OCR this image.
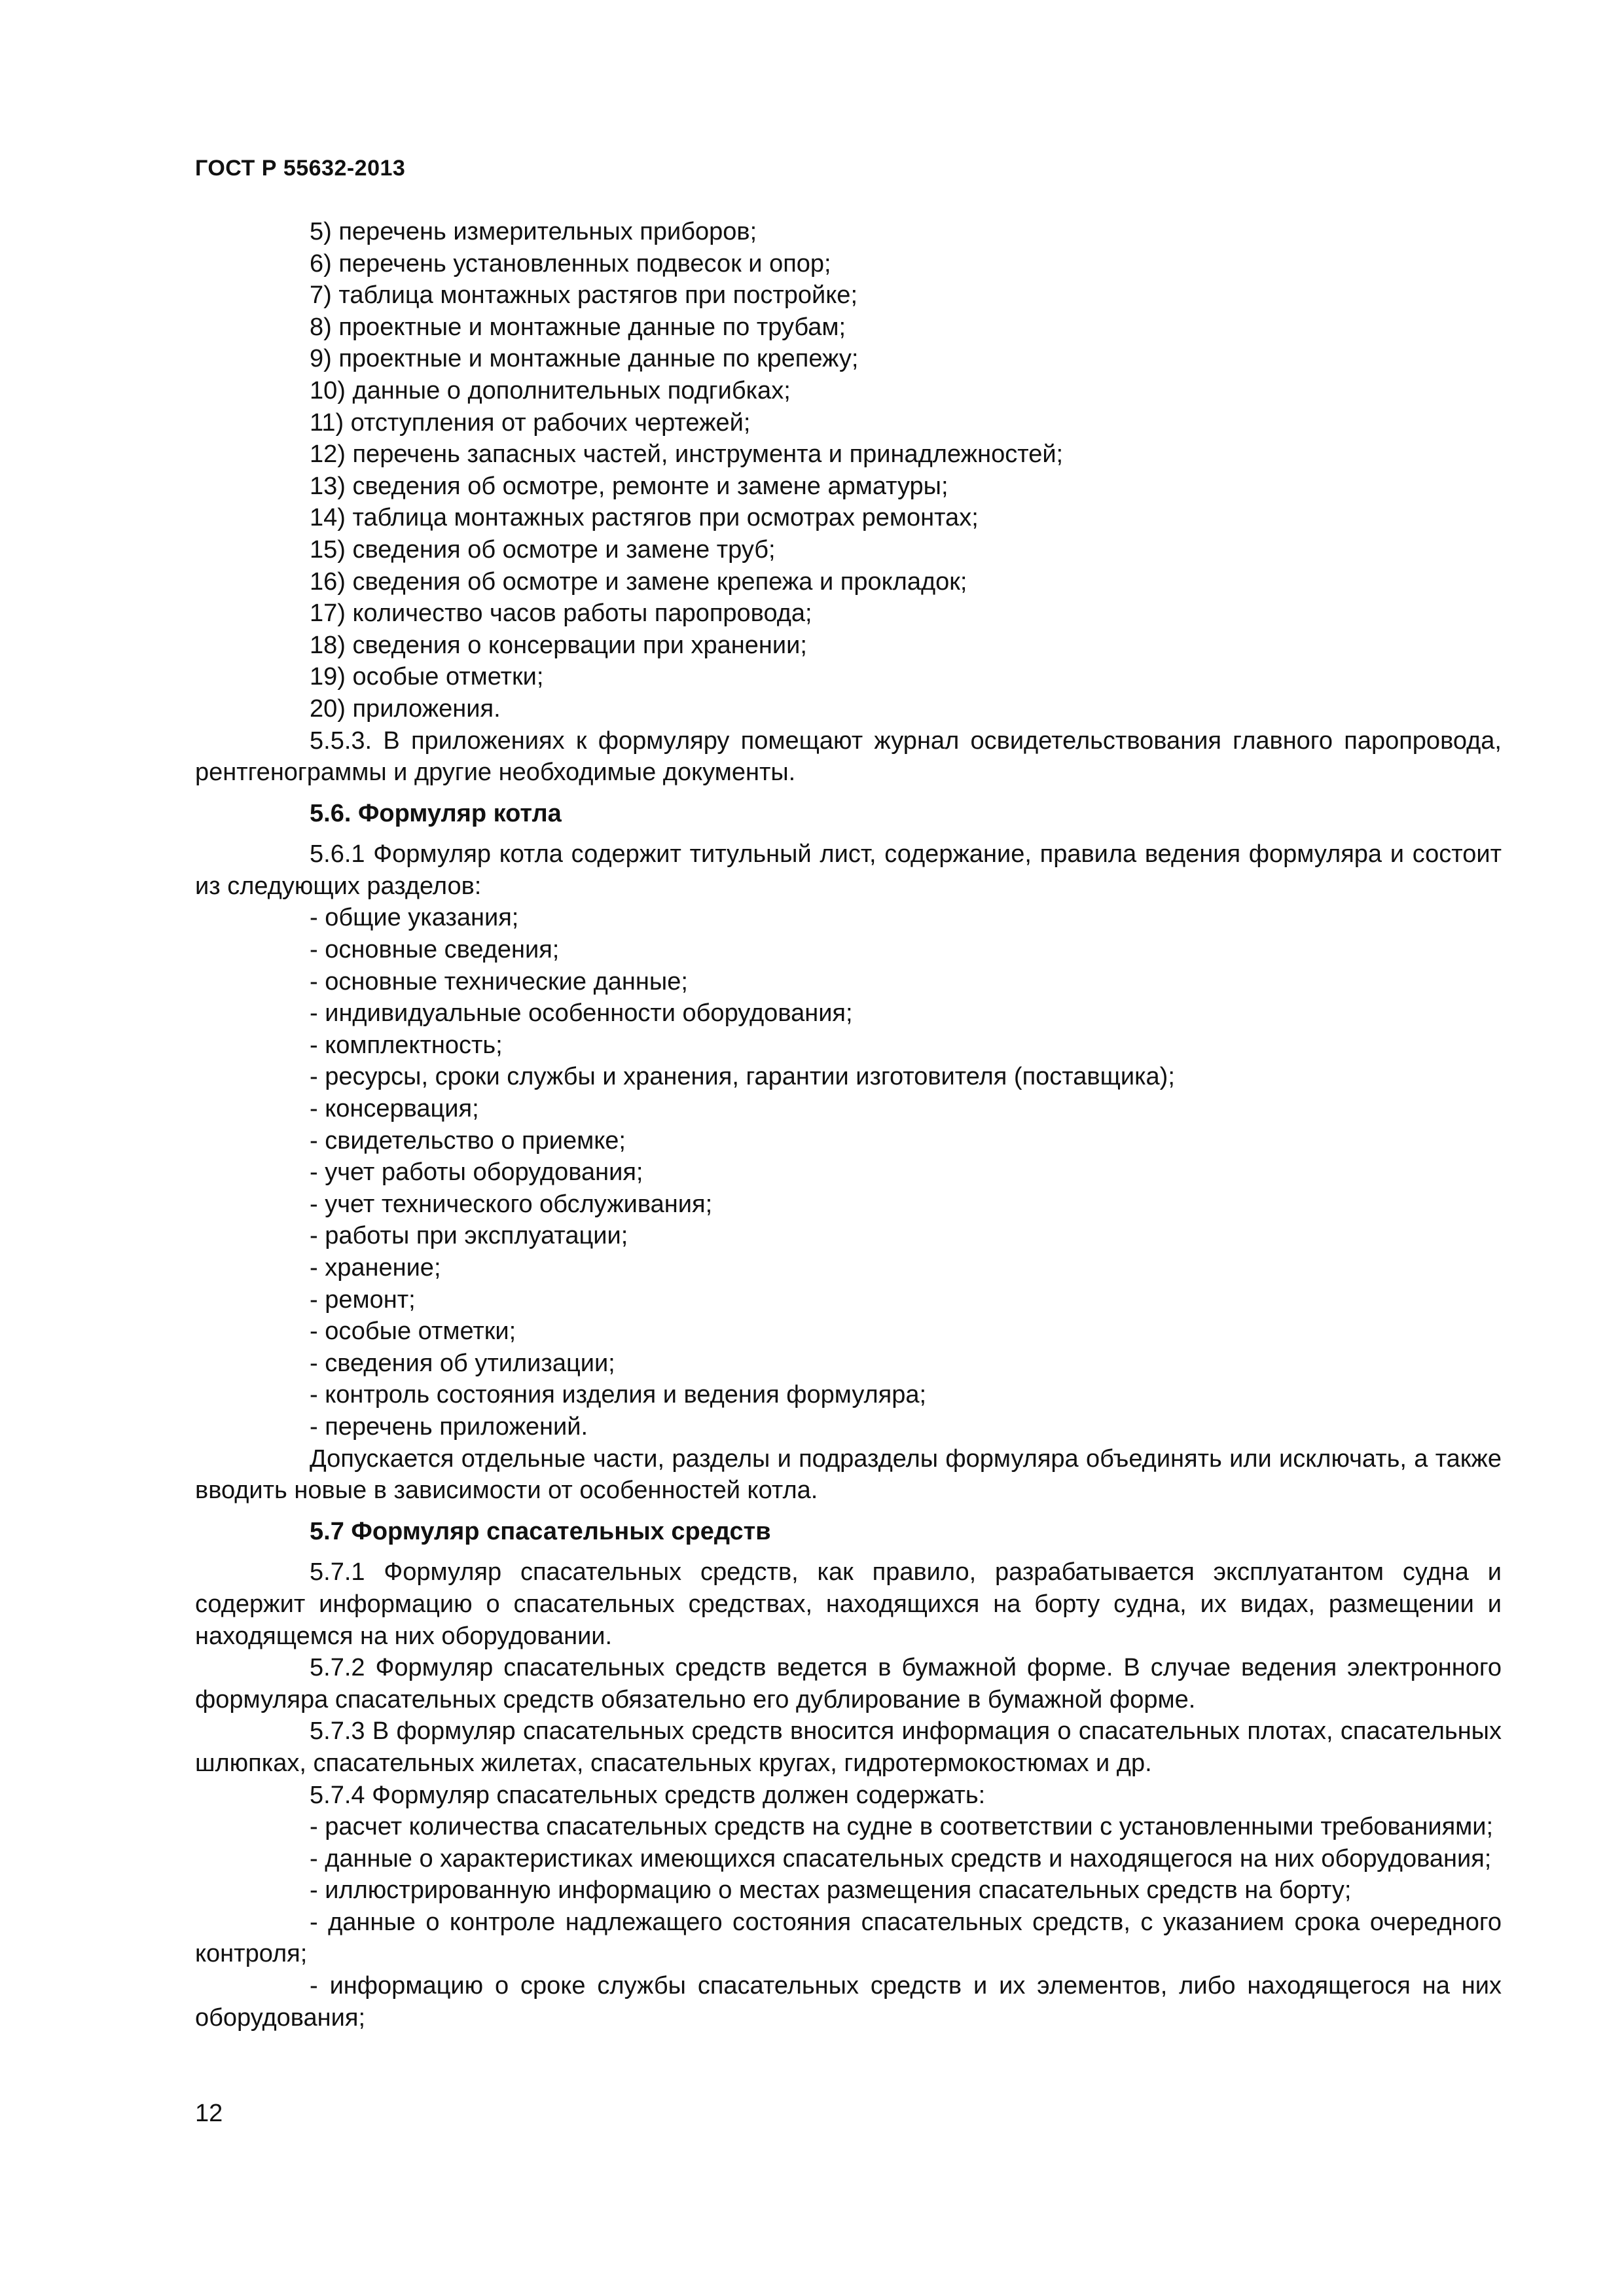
ГОСТ Р 55632-2013

5) перечень измерительных приборов;

6) перечень установленных подвесок и опор;

7) таблица монтажных растягов при постройке;

8) проектные и монтажные данные по трубам;

9) проектные и монтажные данные по крепежу;

10) данные о дополнительных подгибках;

11) отступления от рабочих чертежей;

12) перечень запасных частей, инструмента и принадлежностей;

13) сведения об осмотре, ремонте и замене арматуры;

14) таблица монтажных растягов при осмотрах ремонтах;

15) сведения об осмотре и замене труб;

16) сведения об осмотре и замене крепежа и прокладок;

17) количество часов работы паропровода;

18) сведения о консервации при хранении;

19) особые отметки;

20) приложения.

5.5.3. В приложениях к формуляру помещают журнал освидетельствования главного паропровода, рентгенограммы и другие необходимые документы.

5.6. Формуляр котла

5.6.1 Формуляр котла содержит титульный лист, содержание, правила ведения формуляра и состоит из следующих разделов:

- общие указания;

- основные сведения;

- основные технические данные;

- индивидуальные особенности оборудования;

- комплектность;

- ресурсы, сроки службы и хранения, гарантии изготовителя (поставщика);

- консервация;

- свидетельство о приемке;

- учет работы оборудования;

- учет технического обслуживания;

- работы при эксплуатации;

- хранение;

- ремонт;

- особые отметки;

- сведения об утилизации;

- контроль состояния изделия и ведения формуляра;

- перечень приложений.

Допускается отдельные части, разделы и подразделы формуляра объединять или исключать, а также вводить новые в зависимости от особенностей котла.

5.7 Формуляр спасательных средств

5.7.1 Формуляр спасательных средств, как правило, разрабатывается эксплуатантом судна и содержит информацию о спасательных средствах, находящихся на борту судна, их видах, размещении и находящемся на них оборудовании.

5.7.2 Формуляр спасательных средств ведется в бумажной форме. В случае ведения электронного формуляра спасательных средств обязательно его дублирование в бумажной форме.

5.7.3 В формуляр спасательных средств вносится информация о спасательных плотах, спасательных шлюпках, спасательных жилетах, спасательных кругах, гидротермокостюмах и др.

5.7.4 Формуляр спасательных средств должен содержать:

- расчет количества спасательных средств на судне в соответствии с установленными требованиями;

- данные о характеристиках имеющихся спасательных средств и находящегося на них оборудования;

- иллюстрированную информацию о местах размещения спасательных средств на борту;

- данные о контроле надлежащего состояния спасательных средств, с указанием срока очередного контроля;

- информацию о сроке службы спасательных средств и их элементов, либо находящегося на них оборудования;

12
